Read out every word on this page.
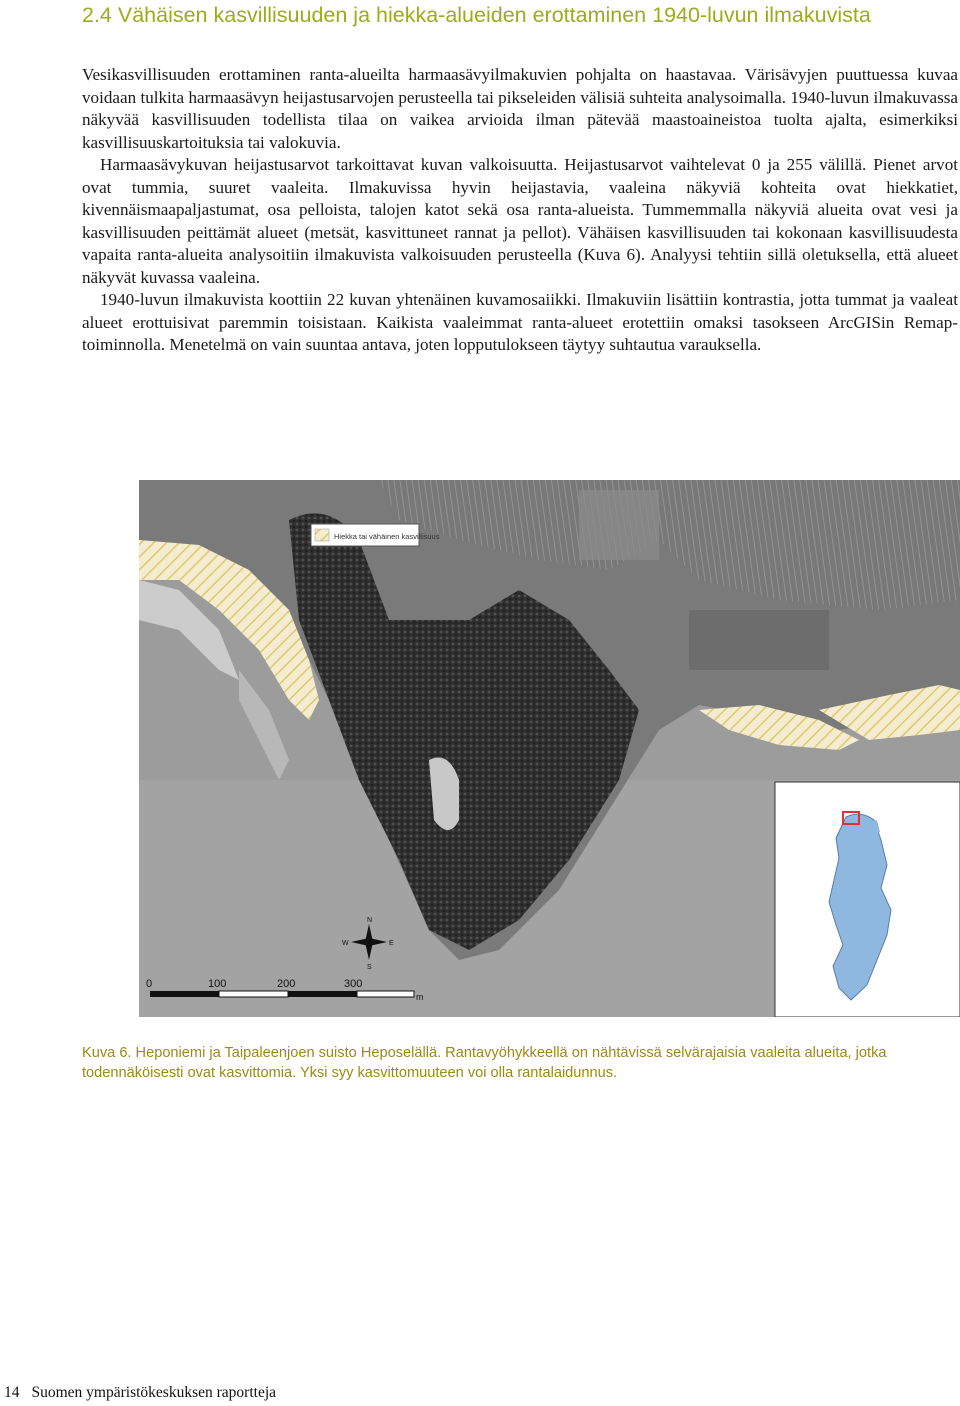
2.4 Vähäisen kasvillisuuden ja hiekka-alueiden erottaminen 1940-luvun ilmakuvista

Vesikasvillisuuden erottaminen ranta-alueilta harmaasävyilmakuvien pohjalta on haastavaa. Värisävyjen puuttuessa kuvaa voidaan tulkita harmaasävyn heijastusarvojen perusteella tai pikseleiden välisiä suhteita analysoimalla. 1940-luvun ilmakuvassa näkyvää kasvillisuuden todellista tilaa on vaikea arvioida ilman pätevää maastoaineistoa tuolta ajalta, esimerkiksi kasvillisuuskartoituksia tai valokuvia.

Harmaasävykuvan heijastusarvot tarkoittavat kuvan valkoisuutta. Heijastusarvot vaihtelevat 0 ja 255 välillä. Pienet arvot ovat tummia, suuret vaaleita. Ilmakuvissa hyvin heijastavia, vaaleina näkyviä kohteita ovat hiekkatiet, kivennäismaapaljastumat, osa pelloista, talojen katot sekä osa ranta-alueista. Tummemmalla näkyviä alueita ovat vesi ja kasvillisuuden peittämät alueet (metsät, kasvittuneet rannat ja pellot). Vähäisen kasvillisuuden tai kokonaan kasvillisuudesta vapaita ranta-alueita analysoitiin ilmakuvista valkoisuuden perusteella (Kuva 6). Analyysi tehtiin sillä oletuksella, että alueet näkyvät kuvassa vaaleina.

1940-luvun ilmakuvista koottiin 22 kuvan yhtenäinen kuvamosaiikki. Ilmakuviin lisättiin kontrastia, jotta tummat ja vaaleat alueet erottuisivat paremmin toisistaan. Kaikista vaaleimmat ranta-alueet erotettiin omaksi tasokseen ArcGISin Remap-toiminnolla. Menetelmä on vain suuntaa antava, joten lopputulokseen täytyy suhtautua varauksella.

Hiekka tai vähäinen kasvillisuus
N
E
S
W
0	100	200	300
m
Kuva 6. Heponiemi ja Taipaleenjoen suisto Heposelällä. Rantavyöhykkeellä on nähtävissä selvärajaisia vaaleita alueita, jotka todennäköisesti ovat kasvittomia. Yksi syy kasvittomuuteen voi olla rantalaidunnus.
14 Suomen ympäristökeskuksen raportteja
